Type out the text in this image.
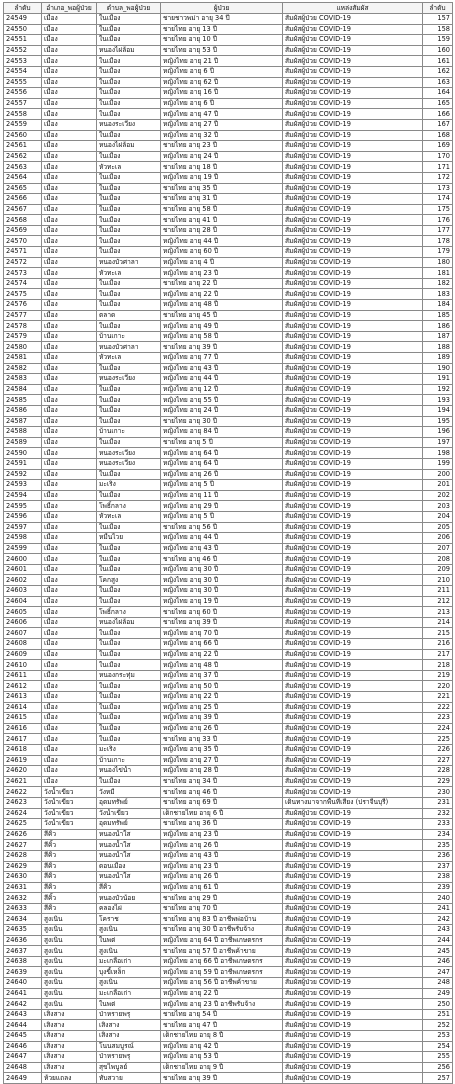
ลำดับ	อำเภอ_พอผู้ป่วย	ตำบล_พอผู้ป่วย	ผู้ป่วย	แหล่งสัมผัส	ลำดับ
24549	เมือง	ในเมือง	ชายชาวพม่า อายุ 34 ปี	สัมผัสผู้ป่วย COVID-19	157
24550	เมือง	ในเมือง	ชายไทย อายุ 13 ปี	สัมผัสผู้ป่วย COVID-19	158
24551	เมือง	ในเมือง	ชายไทย อายุ 10 ปี	สัมผัสผู้ป่วย COVID-19	159
24552	เมือง	หนองไผ่ล้อม	ชายไทย อายุ 53 ปี	สัมผัสผู้ป่วย COVID-19	160
24553	เมือง	ในเมือง	หญิงไทย อายุ 21 ปี	สัมผัสผู้ป่วย COVID-19	161
24554	เมือง	ในเมือง	หญิงไทย อายุ 6 ปี	สัมผัสผู้ป่วย COVID-19	162
24555	เมือง	ในเมือง	หญิงไทย อายุ 62 ปี	สัมผัสผู้ป่วย COVID-19	163
24556	เมือง	ในเมือง	หญิงไทย อายุ 16 ปี	สัมผัสผู้ป่วย COVID-19	164
24557	เมือง	ในเมือง	หญิงไทย อายุ 6 ปี	สัมผัสผู้ป่วย COVID-19	165
24558	เมือง	ในเมือง	หญิงไทย อายุ 47 ปี	สัมผัสผู้ป่วย COVID-19	166
24559	เมือง	หนองระเวียง	หญิงไทย อายุ 27 ปี	สัมผัสผู้ป่วย COVID-19	167
24560	เมือง	ในเมือง	หญิงไทย อายุ 32 ปี	สัมผัสผู้ป่วย COVID-19	168
24561	เมือง	หนองไผ่ล้อม	ชายไทย อายุ 23 ปี	สัมผัสผู้ป่วย COVID-19	169
24562	เมือง	ในเมือง	หญิงไทย อายุ 24 ปี	สัมผัสผู้ป่วย COVID-19	170
24563	เมือง	หัวทะเล	ชายไทย อายุ 18 ปี	สัมผัสผู้ป่วย COVID-19	171
24564	เมือง	ในเมือง	หญิงไทย อายุ 19 ปี	สัมผัสผู้ป่วย COVID-19	172
24565	เมือง	ในเมือง	ชายไทย อายุ 35 ปี	สัมผัสผู้ป่วย COVID-19	173
24566	เมือง	ในเมือง	ชายไทย อายุ 31 ปี	สัมผัสผู้ป่วย COVID-19	174
24567	เมือง	ในเมือง	ชายไทย อายุ 58 ปี	สัมผัสผู้ป่วย COVID-19	175
24568	เมือง	ในเมือง	ชายไทย อายุ 41 ปี	สัมผัสผู้ป่วย COVID-19	176
24569	เมือง	ในเมือง	ชายไทย อายุ 28 ปี	สัมผัสผู้ป่วย COVID-19	177
24570	เมือง	ในเมือง	หญิงไทย อายุ 44 ปี	สัมผัสผู้ป่วย COVID-19	178
24571	เมือง	ในเมือง	หญิงไทย อายุ 60 ปี	สัมผัสผู้ป่วย COVID-19	179
24572	เมือง	หนองบัวศาลา	หญิงไทย อายุ 4 ปี	สัมผัสผู้ป่วย COVID-19	180
24573	เมือง	หัวทะเล	หญิงไทย อายุ 23 ปี	สัมผัสผู้ป่วย COVID-19	181
24574	เมือง	ในเมือง	ชายไทย อายุ 22 ปี	สัมผัสผู้ป่วย COVID-19	182
24575	เมือง	ในเมือง	หญิงไทย อายุ 22 ปี	สัมผัสผู้ป่วย COVID-19	183
24576	เมือง	ในเมือง	หญิงไทย อายุ 48 ปี	สัมผัสผู้ป่วย COVID-19	184
24577	เมือง	ตลาด	ชายไทย อายุ 45 ปี	สัมผัสผู้ป่วย COVID-19	185
24578	เมือง	ในเมือง	หญิงไทย อายุ 49 ปี	สัมผัสผู้ป่วย COVID-19	186
24579	เมือง	บ้านเกาะ	หญิงไทย อายุ 58 ปี	สัมผัสผู้ป่วย COVID-19	187
24580	เมือง	หนองบัวศาลา	ชายไทย อายุ 39 ปี	สัมผัสผู้ป่วย COVID-19	188
24581	เมือง	หัวทะเล	หญิงไทย อายุ 77 ปี	สัมผัสผู้ป่วย COVID-19	189
24582	เมือง	ในเมือง	หญิงไทย อายุ 43 ปี	สัมผัสผู้ป่วย COVID-19	190
24583	เมือง	หนองระเวียง	หญิงไทย อายุ 44 ปี	สัมผัสผู้ป่วย COVID-19	191
24584	เมือง	ในเมือง	หญิงไทย อายุ 12 ปี	สัมผัสผู้ป่วย COVID-19	192
24585	เมือง	ในเมือง	หญิงไทย อายุ 55 ปี	สัมผัสผู้ป่วย COVID-19	193
24586	เมือง	ในเมือง	หญิงไทย อายุ 24 ปี	สัมผัสผู้ป่วย COVID-19	194
24587	เมือง	ในเมือง	ชายไทย อายุ 30 ปี	สัมผัสผู้ป่วย COVID-19	195
24588	เมือง	บ้านเกาะ	หญิงไทย อายุ 84 ปี	สัมผัสผู้ป่วย COVID-19	196
24589	เมือง	ในเมือง	ชายไทย อายุ 5 ปี	สัมผัสผู้ป่วย COVID-19	197
24590	เมือง	หนองระเวียง	หญิงไทย อายุ 64 ปี	สัมผัสผู้ป่วย COVID-19	198
24591	เมือง	หนองระเวียง	หญิงไทย อายุ 64 ปี	สัมผัสผู้ป่วย COVID-19	199
24592	เมือง	ในเมือง	หญิงไทย อายุ 26 ปี	สัมผัสผู้ป่วย COVID-19	200
24593	เมือง	มะเริง	หญิงไทย อายุ 5 ปี	สัมผัสผู้ป่วย COVID-19	201
24594	เมือง	ในเมือง	หญิงไทย อายุ 11 ปี	สัมผัสผู้ป่วย COVID-19	202
24595	เมือง	โพธิ์กลาง	หญิงไทย อายุ 29 ปี	สัมผัสผู้ป่วย COVID-19	203
24596	เมือง	หัวทะเล	หญิงไทย อายุ 5 ปี	สัมผัสผู้ป่วย COVID-19	204
24597	เมือง	ในเมือง	ชายไทย อายุ 56 ปี	สัมผัสผู้ป่วย COVID-19	205
24598	เมือง	หมื่นไวย	หญิงไทย อายุ 44 ปี	สัมผัสผู้ป่วย COVID-19	206
24599	เมือง	ในเมือง	หญิงไทย อายุ 43 ปี	สัมผัสผู้ป่วย COVID-19	207
24600	เมือง	ในเมือง	ชายไทย อายุ 46 ปี	สัมผัสผู้ป่วย COVID-19	208
24601	เมือง	ในเมือง	หญิงไทย อายุ 30 ปี	สัมผัสผู้ป่วย COVID-19	209
24602	เมือง	โคกสูง	หญิงไทย อายุ 30 ปี	สัมผัสผู้ป่วย COVID-19	210
24603	เมือง	ในเมือง	หญิงไทย อายุ 30 ปี	สัมผัสผู้ป่วย COVID-19	211
24604	เมือง	ในเมือง	หญิงไทย อายุ 19 ปี	สัมผัสผู้ป่วย COVID-19	212
24605	เมือง	โพธิ์กลาง	ชายไทย อายุ 60 ปี	สัมผัสผู้ป่วย COVID-19	213
24606	เมือง	หนองไผ่ล้อม	ชายไทย อายุ 39 ปี	สัมผัสผู้ป่วย COVID-19	214
24607	เมือง	ในเมือง	หญิงไทย อายุ 70 ปี	สัมผัสผู้ป่วย COVID-19	215
24608	เมือง	ในเมือง	หญิงไทย อายุ 66 ปี	สัมผัสผู้ป่วย COVID-19	216
24609	เมือง	ในเมือง	หญิงไทย อายุ 22 ปี	สัมผัสผู้ป่วย COVID-19	217
24610	เมือง	ในเมือง	หญิงไทย อายุ 48 ปี	สัมผัสผู้ป่วย COVID-19	218
24611	เมือง	หนองกระทุ่ม	หญิงไทย อายุ 37 ปี	สัมผัสผู้ป่วย COVID-19	219
24612	เมือง	ในเมือง	หญิงไทย อายุ 50 ปี	สัมผัสผู้ป่วย COVID-19	220
24613	เมือง	ในเมือง	หญิงไทย อายุ 22 ปี	สัมผัสผู้ป่วย COVID-19	221
24614	เมือง	ในเมือง	หญิงไทย อายุ 25 ปี	สัมผัสผู้ป่วย COVID-19	222
24615	เมือง	ในเมือง	หญิงไทย อายุ 39 ปี	สัมผัสผู้ป่วย COVID-19	223
24616	เมือง	ในเมือง	หญิงไทย อายุ 26 ปี	สัมผัสผู้ป่วย COVID-19	224
24617	เมือง	ในเมือง	ชายไทย อายุ 33 ปี	สัมผัสผู้ป่วย COVID-19	225
24618	เมือง	มะเริง	หญิงไทย อายุ 35 ปี	สัมผัสผู้ป่วย COVID-19	226
24619	เมือง	บ้านเกาะ	หญิงไทย อายุ 27 ปี	สัมผัสผู้ป่วย COVID-19	227
24620	เมือง	หนองไข่น้ำ	หญิงไทย อายุ 28 ปี	สัมผัสผู้ป่วย COVID-19	228
24621	เมือง	ในเมือง	ชายไทย อายุ 34 ปี	สัมผัสผู้ป่วย COVID-19	229
24622	วังน้ำเขียว	วังหมี	ชายไทย อายุ 46 ปี	สัมผัสผู้ป่วย COVID-19	230
24623	วังน้ำเขียว	อุดมทรัพย์	ชายไทย อายุ 69 ปี	เดินทางมาจากพื้นที่เสี่ยง (ปราจีนบุรี)	231
24624	วังน้ำเขียว	วังน้ำเขียว	เด็กชายไทย อายุ 6 ปี	สัมผัสผู้ป่วย COVID-19	232
24625	วังน้ำเขียว	อุดมทรัพย์	ชายไทย อายุ 36 ปี	สัมผัสผู้ป่วย COVID-19	233
24626	สีคิ้ว	หนองน้ำใส	หญิงไทย อายุ 23 ปี	สัมผัสผู้ป่วย COVID-19	234
24627	สีคิ้ว	หนองน้ำใส	หญิงไทย อายุ 26 ปี	สัมผัสผู้ป่วย COVID-19	235
24628	สีคิ้ว	หนองน้ำใส	หญิงไทย อายุ 43 ปี	สัมผัสผู้ป่วย COVID-19	236
24629	สีคิ้ว	ดอนเมือง	หญิงไทย อายุ 23 ปี	สัมผัสผู้ป่วย COVID-19	237
24630	สีคิ้ว	หนองน้ำใส	หญิงไทย อายุ 26 ปี	สัมผัสผู้ป่วย COVID-19	238
24631	สีคิ้ว	สีคิ้ว	หญิงไทย อายุ 61 ปี	สัมผัสผู้ป่วย COVID-19	239
24632	สีคิ้ว	หนองบัวน้อย	ชายไทย อายุ 29 ปี	สัมผัสผู้ป่วย COVID-19	240
24633	สีคิ้ว	คลองไผ่	ชายไทย อายุ 70 ปี	สัมผัสผู้ป่วย COVID-19	241
24634	สูงเนิน	โคราช	ชายไทย อายุ 83 ปี อาชีพพ่อบ้าน	สัมผัสผู้ป่วย COVID-19	242
24635	สูงเนิน	สูงเนิน	ชายไทย อายุ 30 ปี อาชีพรับจ้าง	สัมผัสผู้ป่วย COVID-19	243
24636	สูงเนิน	ในพต่	หญิงไทย อายุ 64 ปี อาชีพเกษตรกร	สัมผัสผู้ป่วย COVID-19	244
24637	สูงเนิน	สูงเนิน	ชายไทย อายุ 57 ปี อาชีพค้าขาย	สัมผัสผู้ป่วย COVID-19	245
24638	สูงเนิน	มะเกลือเก่า	หญิงไทย อายุ 66 ปี อาชีพเกษตรกร	สัมผัสผู้ป่วย COVID-19	246
24639	สูงเนิน	บุงขี้เหล็ก	หญิงไทย อายุ 59 ปี อาชีพเกษตรกร	สัมผัสผู้ป่วย COVID-19	247
24640	สูงเนิน	สูงเนิน	หญิงไทย อายุ 56 ปี อาชีพค้าขาย	สัมผัสผู้ป่วย COVID-19	248
24641	สูงเนิน	มะเกลือเก่า	หญิงไทย อายุ 22 ปี	สัมผัสผู้ป่วย COVID-19	249
24642	สูงเนิน	ในพต่	หญิงไทย อายุ 23 ปี อาชีพรับจ้าง	สัมผัสผู้ป่วย COVID-19	250
24643	เสิงสาง	ป่าหรายพรุ	ชายไทย อายุ 54 ปี	สัมผัสผู้ป่วย COVID-19	251
24644	เสิงสาง	เสิงสาง	ชายไทย อายุ 47 ปี	สัมผัสผู้ป่วย COVID-19	252
24645	เสิงสาง	เสิงสาง	เด็กชายไทย อายุ 8 ปี	สัมผัสผู้ป่วย COVID-19	253
24646	เสิงสาง	โนนสมบูรณ์	หญิงไทย อายุ 42 ปี	สัมผัสผู้ป่วย COVID-19	254
24647	เสิงสาง	ป่าหรายพรุ	หญิงไทย อายุ 53 ปี	สัมผัสผู้ป่วย COVID-19	255
24648	เสิงสาง	สุขไพบูลย์	เด็กชายไทย อายุ 9 ปี	สัมผัสผู้ป่วย COVID-19	256
24649	ห้วยแถลง	ทับสวาย	ชายไทย อายุ 39 ปี	สัมผัสผู้ป่วย COVID-19	257
